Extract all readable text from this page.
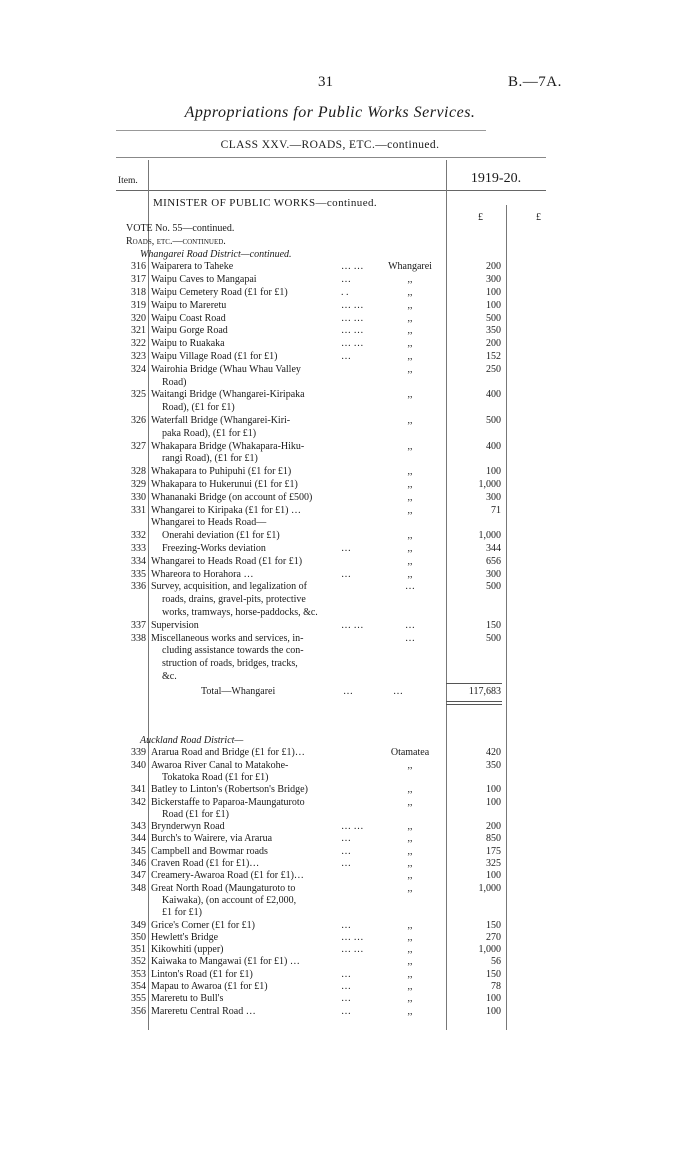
31	B.—7A.
Appropriations for Public Works Services.
CLASS XXV.—ROADS, ETC.—continued.
Item.	1919-20.
MINISTER OF PUBLIC WORKS—continued.
£	£
VOTE No. 55—continued.
Roads, etc.—continued.
Whangarei Road District—continued.
316 Waiparera to Taheke	… …	Whangarei	200
317 Waipu Caves to Mangapai	…	,,	300
318 Waipu Cemetery Road (£1 for £1)	. .	,,	100
319 Waipu to Mareretu	… …	,,	100
320 Waipu Coast Road	… …	,,	500
321 Waipu Gorge Road	… …	,,	350
322 Waipu to Ruakaka	… …	,,	200
323 Waipu Village Road (£1 for £1)	…	,,	152
324 Wairohia Bridge (Whau Whau Valley	,,	250
Road)
325 Waitangi Bridge (Whangarei-Kiripaka	,,	400
Road), (£1 for £1)
326 Waterfall Bridge (Whangarei-Kiri-	,,	500
paka Road), (£1 for £1)
327 Whakapara Bridge (Whakapara-Hiku-	,,	400
rangi Road), (£1 for £1)
328 Whakapara to Puhipuhi (£1 for £1)	,,	100
329 Whakapara to Hukerunui (£1 for £1)	,,	1,000
330 Whananaki Bridge (on account of £500)	,,	300
331 Whangarei to Kiripaka (£1 for £1) …	,,	71
Whangarei to Heads Road—
332 Onerahi deviation (£1 for £1)	,,	1,000
333 Freezing-Works deviation	…	,,	344
334 Whangarei to Heads Road (£1 for £1)	,,	656
335 Whareora to Horahora …	…	,,	300
336 Survey, acquisition, and legalization of	…	500
roads, drains, gravel-pits, protective
works, tramways, horse-paddocks, &c.
337 Supervision	… …	…	150
338 Miscellaneous works and services, in-	…	500
cluding assistance towards the con-
struction of roads, bridges, tracks,
&c.
Total—Whangarei	…	…	117,683
Auckland Road District—
339 Ararua Road and Bridge (£1 for £1)…	Otamatea	420
340 Awaroa River Canal to Matakohe-	,,	350
Tokatoka Road (£1 for £1)
341 Batley to Linton's (Robertson's Bridge)	,,	100
342 Bickerstaffe to Paparoa-Maungaturoto	,,	100
Road (£1 for £1)
343 Brynderwyn Road	… …	,,	200
344 Burch's to Wairere, via Ararua	…	,,	850
345 Campbell and Bowmar roads	…	,,	175
346 Craven Road (£1 for £1)…	…	,,	325
347 Creamery-Awaroa Road (£1 for £1)…	,,	100
348 Great North Road (Maungaturoto to	,,	1,000
Kaiwaka), (on account of £2,000,
£1 for £1)
349 Grice's Corner (£1 for £1)	…	,,	150
350 Hewlett's Bridge	… …	,,	270
351 Kikowhiti (upper)	… …	,,	1,000
352 Kaiwaka to Mangawai (£1 for £1) …	,,	56
353 Linton's Road (£1 for £1)	…	,,	150
354 Mapau to Awaroa (£1 for £1)	…	,,	78
355 Mareretu to Bull's	…	,,	100
356 Mareretu Central Road …	…	,,	100
